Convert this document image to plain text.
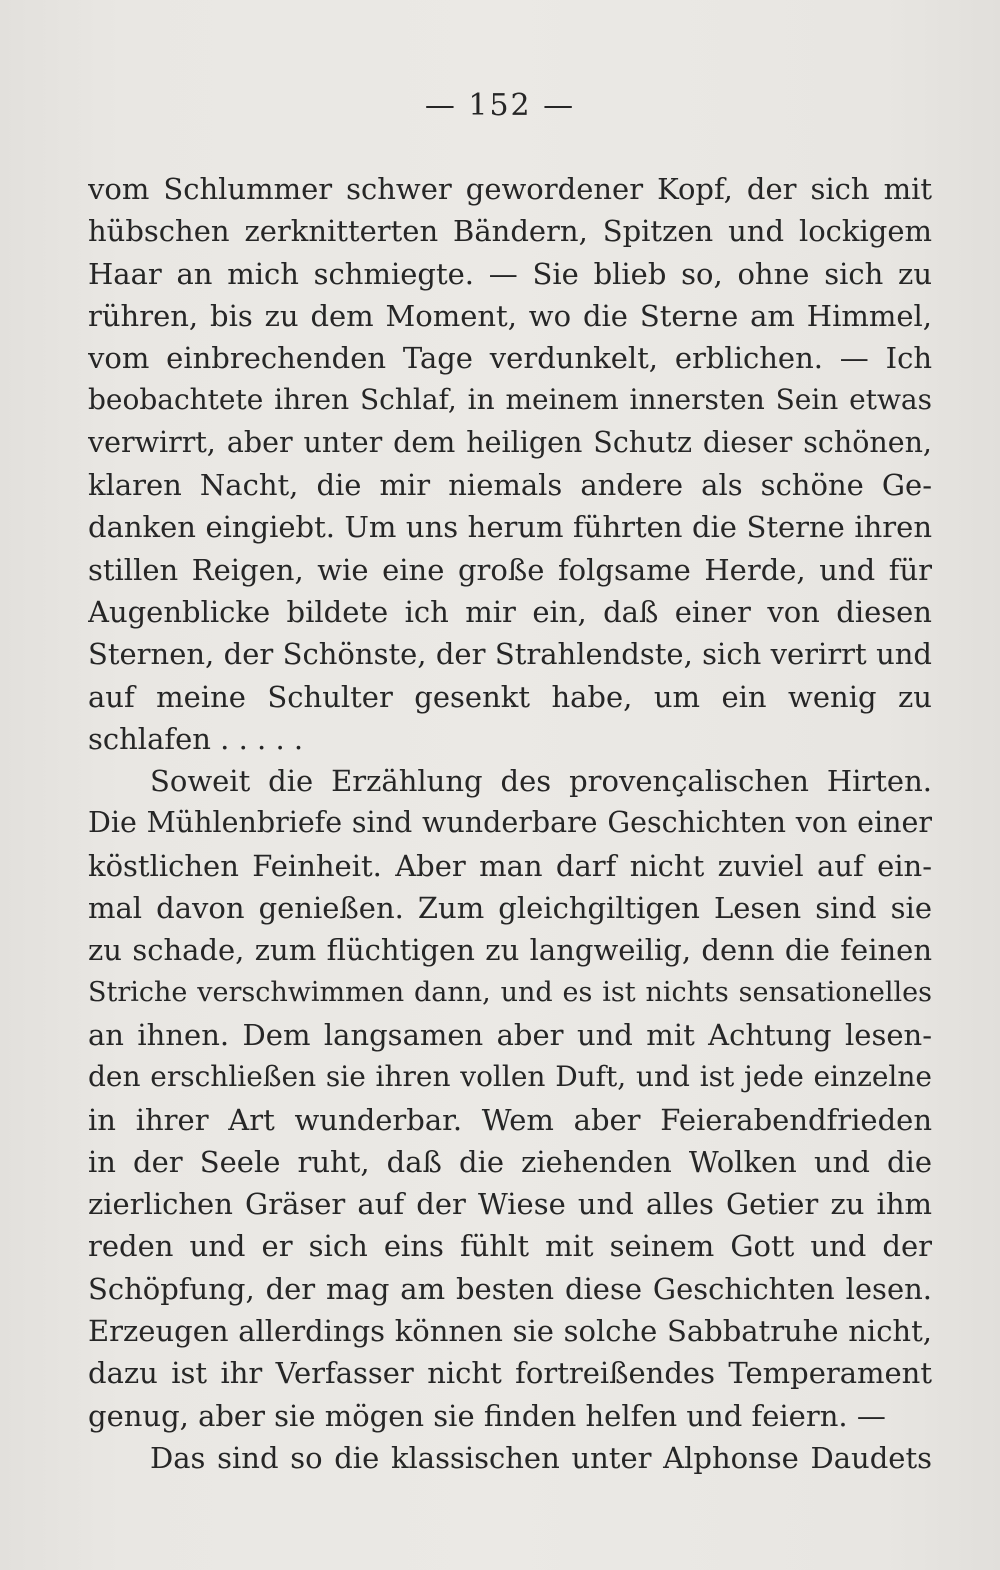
— 152 —
vom Schlummer schwer gewordener Kopf, der sich mit
hübschen zerknitterten Bändern, Spitzen und lockigem
Haar an mich schmiegte. — Sie blieb so, ohne sich zu
rühren, bis zu dem Moment, wo die Sterne am Himmel,
vom einbrechenden Tage verdunkelt, erblichen. — Ich
beobachtete ihren Schlaf, in meinem innersten Sein etwas
verwirrt, aber unter dem heiligen Schutz dieser schönen,
klaren Nacht, die mir niemals andere als schöne Ge-
danken eingiebt. Um uns herum führten die Sterne ihren
stillen Reigen, wie eine große folgsame Herde, und für
Augenblicke bildete ich mir ein, daß einer von diesen
Sternen, der Schönste, der Strahlendste, sich verirrt und
auf meine Schulter gesenkt habe, um ein wenig zu
schlafen . . . . .
Soweit die Erzählung des provençalischen Hirten.
Die Mühlenbriefe sind wunderbare Geschichten von einer
köstlichen Feinheit. Aber man darf nicht zuviel auf ein-
mal davon genießen. Zum gleichgiltigen Lesen sind sie
zu schade, zum flüchtigen zu langweilig, denn die feinen
Striche verschwimmen dann, und es ist nichts sensationelles
an ihnen. Dem langsamen aber und mit Achtung lesen-
den erschließen sie ihren vollen Duft, und ist jede einzelne
in ihrer Art wunderbar. Wem aber Feierabendfrieden
in der Seele ruht, daß die ziehenden Wolken und die
zierlichen Gräser auf der Wiese und alles Getier zu ihm
reden und er sich eins fühlt mit seinem Gott und der
Schöpfung, der mag am besten diese Geschichten lesen.
Erzeugen allerdings können sie solche Sabbatruhe nicht,
dazu ist ihr Verfasser nicht fortreißendes Temperament
genug, aber sie mögen sie finden helfen und feiern. —
Das sind so die klassischen unter Alphonse Daudets
